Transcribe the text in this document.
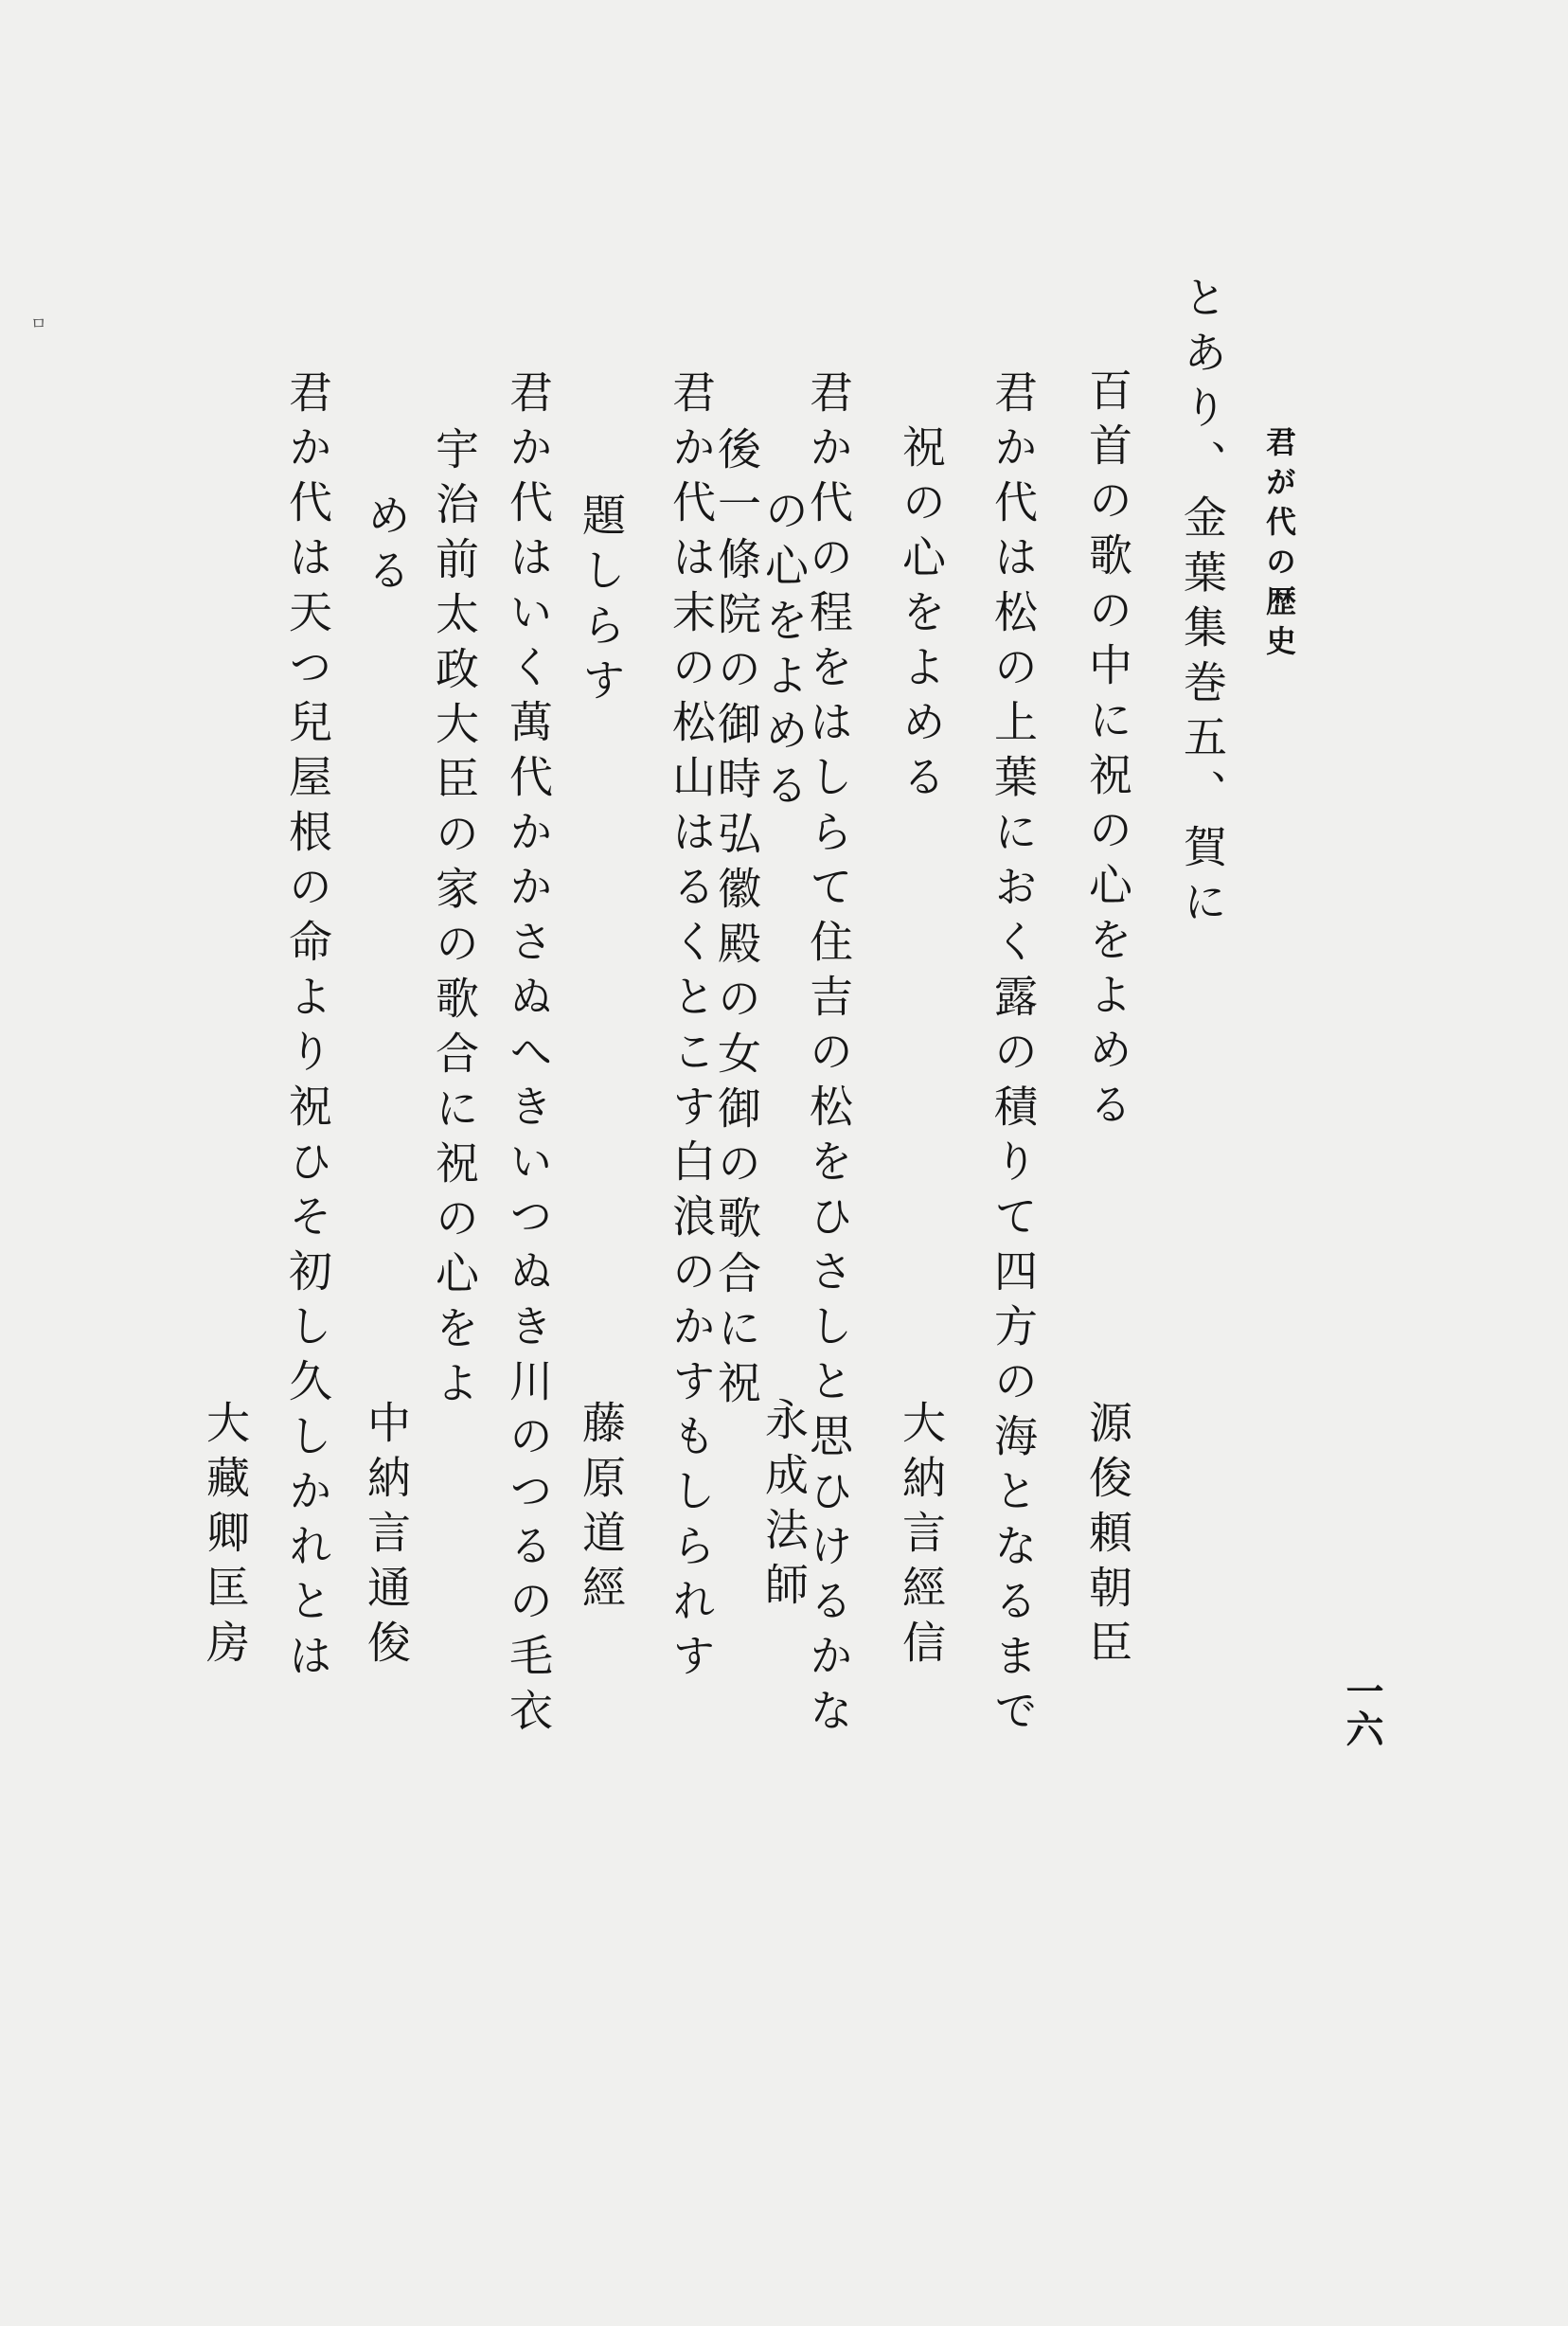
ㅁ
君が代の歴史
一六
とあり、金葉集巻五、賀に
百首の歌の中に祝の心をよめる
源俊頼朝臣
君か代は松の上葉におく露の積りて四方の海となるまで
祝の心をよめる
大納言經信
君か代の程をはしらて住吉の松をひさしと思ひけるかな
後一條院の御時弘徽殿の女御の歌合に祝
の心をよめる
永成法師
君か代は末の松山はるくとこす白浪のかすもしられす
題しらす
藤原道經
君か代はいく萬代かかさぬへきいつぬき川のつるの毛衣
宇治前太政大臣の家の歌合に祝の心をよ
める
中納言通俊
君か代は天つ兒屋根の命より祝ひそ初し久しかれとは
大藏卿匡房
